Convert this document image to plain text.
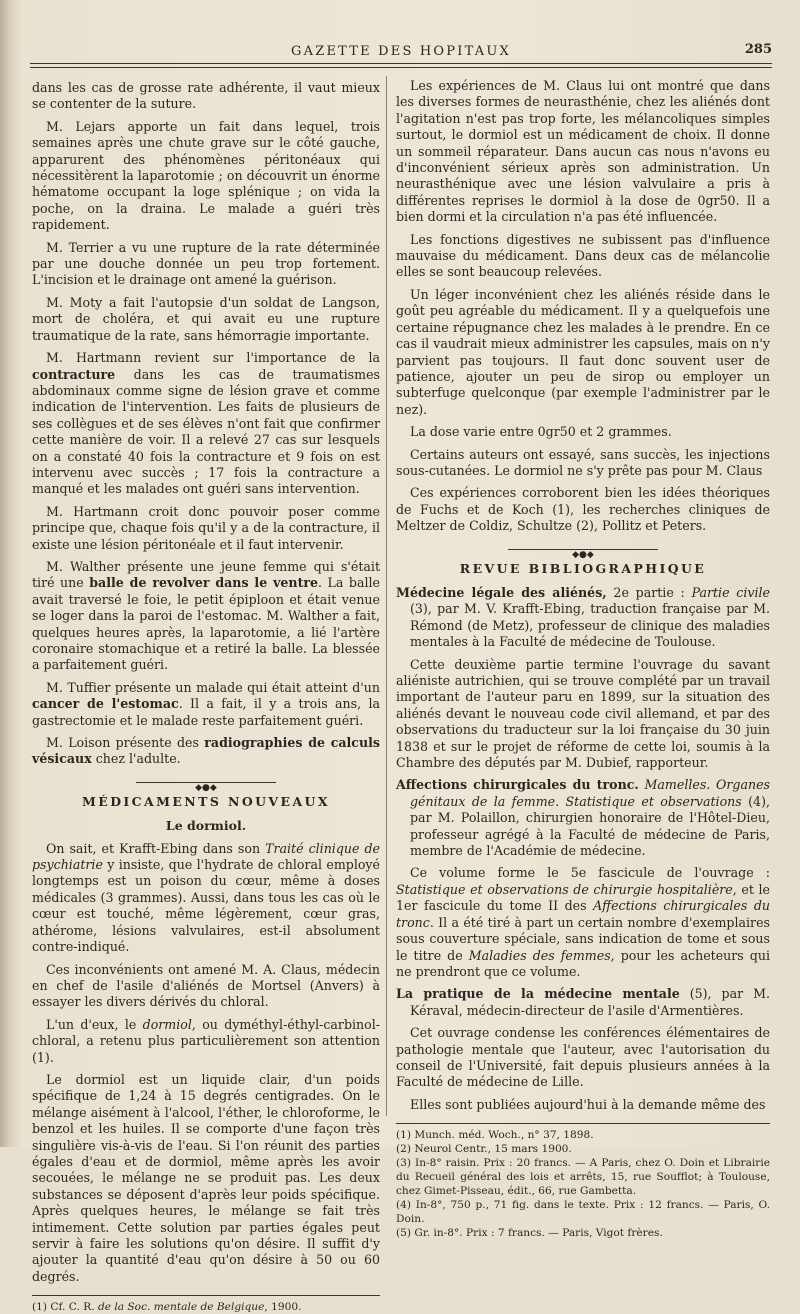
GAZETTE DES HOPITAUX	285

dans les cas de grosse rate adhérente, il vaut mieux se contenter de la suture.

M. Lejars apporte un fait dans lequel, trois semaines après une chute grave sur le côté gauche, apparurent des phénomènes péritonéaux qui nécessitèrent la laparotomie ; on découvrit un énorme hématome occupant la loge splénique ; on vida la poche, on la draina. Le malade a guéri très rapidement.

M. Terrier a vu une rupture de la rate déterminée par une douche donnée un peu trop fortement. L'incision et le drainage ont amené la guérison.

M. Moty a fait l'autopsie d'un soldat de Langson, mort de choléra, et qui avait eu une rupture traumatique de la rate, sans hémorragie importante.

M. Hartmann revient sur l'importance de la contracture dans les cas de traumatismes abdominaux comme signe de lésion grave et comme indication de l'intervention. Les faits de plusieurs de ses collègues et de ses élèves n'ont fait que confirmer cette manière de voir. Il a relevé 27 cas sur lesquels on a constaté 40 fois la contracture et 9 fois on est intervenu avec succès ; 17 fois la contracture a manqué et les malades ont guéri sans intervention.

M. Hartmann croit donc pouvoir poser comme principe que, chaque fois qu'il y a de la contracture, il existe une lésion péritonéale et il faut intervenir.

M. Walther présente une jeune femme qui s'était tiré une balle de revolver dans le ventre. La balle avait traversé le foie, le petit épiploon et était venue se loger dans la paroi de l'estomac. M. Walther a fait, quelques heures après, la laparotomie, a lié l'artère coronaire stomachique et a retiré la balle. La blessée a parfaitement guéri.

M. Tuffier présente un malade qui était atteint d'un cancer de l'estomac. Il a fait, il y a trois ans, la gastrectomie et le malade reste parfaitement guéri.

M. Loison présente des radiographies de calculs vésicaux chez l'adulte.

◆●◆
MÉDICAMENTS NOUVEAUX
Le dormiol.

On sait, et Krafft-Ebing dans son Traité clinique de psychiatrie y insiste, que l'hydrate de chloral employé longtemps est un poison du cœur, même à doses médicales (3 grammes). Aussi, dans tous les cas où le cœur est touché, même légèrement, cœur gras, athérome, lésions valvulaires, est-il absolument contre-indiqué.

Ces inconvénients ont amené M. A. Claus, médecin en chef de l'asile d'aliénés de Mortsel (Anvers) à essayer les divers dérivés du chloral.

L'un d'eux, le dormiol, ou dyméthyl-éthyl-carbinol-chloral, a retenu plus particulièrement son attention (1).

Le dormiol est un liquide clair, d'un poids spécifique de 1,24 à 15 degrés centigrades. On le mélange aisément à l'alcool, l'éther, le chloroforme, le benzol et les huiles. Il se comporte d'une façon très singulière vis-à-vis de l'eau. Si l'on réunit des parties égales d'eau et de dormiol, même après les avoir secouées, le mélange ne se produit pas. Les deux substances se déposent d'après leur poids spécifique. Après quelques heures, le mélange se fait très intimement. Cette solution par parties égales peut servir à faire les solutions qu'on désire. Il suffit d'y ajouter la quantité d'eau qu'on désire à 50 ou 60 degrés.

(1) Cf. C. R. de la Soc. mentale de Belgique, 1900.

Les expériences de M. Claus lui ont montré que dans les diverses formes de neurasthénie, chez les aliénés dont l'agitation n'est pas trop forte, les mélancoliques simples surtout, le dormiol est un médicament de choix. Il donne un sommeil réparateur. Dans aucun cas nous n'avons eu d'inconvénient sérieux après son administration. Un neurasthénique avec une lésion valvulaire a pris à différentes reprises le dormiol à la dose de 0gr50. Il a bien dormi et la circulation n'a pas été influencée.

Les fonctions digestives ne subissent pas d'influence mauvaise du médicament. Dans deux cas de mélancolie elles se sont beaucoup relevées.

Un léger inconvénient chez les aliénés réside dans le goût peu agréable du médicament. Il y a quelquefois une certaine répugnance chez les malades à le prendre. En ce cas il vaudrait mieux administrer les capsules, mais on n'y parvient pas toujours. Il faut donc souvent user de patience, ajouter un peu de sirop ou employer un subterfuge quelconque (par exemple l'administrer par le nez).

La dose varie entre 0gr50 et 2 grammes.

Certains auteurs ont essayé, sans succès, les injections sous-cutanées. Le dormiol ne s'y prête pas pour M. Claus

Ces expériences corroborent bien les idées théoriques de Fuchs et de Koch (1), les recherches cliniques de Meltzer de Coldiz, Schultze (2), Pollitz et Peters.

◆●◆
REVUE BIBLIOGRAPHIQUE

Médecine légale des aliénés, 2e partie : Partie civile (3), par M. V. Krafft-Ebing, traduction française par M. Rémond (de Metz), professeur de clinique des maladies mentales à la Faculté de médecine de Toulouse.

Cette deuxième partie termine l'ouvrage du savant aliéniste autrichien, qui se trouve complété par un travail important de l'auteur paru en 1899, sur la situation des aliénés devant le nouveau code civil allemand, et par des observations du traducteur sur la loi française du 30 juin 1838 et sur le projet de réforme de cette loi, soumis à la Chambre des députés par M. Dubief, rapporteur.

Affections chirurgicales du tronc. Mamelles. Organes génitaux de la femme. Statistique et observations (4), par M. Polaillon, chirurgien honoraire de l'Hôtel-Dieu, professeur agrégé à la Faculté de médecine de Paris, membre de l'Académie de médecine.

Ce volume forme le 5e fascicule de l'ouvrage : Statistique et observations de chirurgie hospitalière, et le 1er fascicule du tome II des Affections chirurgicales du tronc. Il a été tiré à part un certain nombre d'exemplaires sous couverture spéciale, sans indication de tome et sous le titre de Maladies des femmes, pour les acheteurs qui ne prendront que ce volume.

La pratique de la médecine mentale (5), par M. Kéraval, médecin-directeur de l'asile d'Armentières.

Cet ouvrage condense les conférences élémentaires de pathologie mentale que l'auteur, avec l'autorisation du conseil de l'Université, fait depuis plusieurs années à la Faculté de médecine de Lille.

Elles sont publiées aujourd'hui à la demande même des

(1) Munch. méd. Woch., n° 37, 1898.

(2) Neurol Centr., 15 mars 1900.

(3) In-8° raisin. Prix : 20 francs. — A Paris, chez O. Doin et Librairie du Recueil général des lois et arrêts, 15, rue Soufflot; à Toulouse, chez Gimet-Pisseau, édit., 66, rue Gambetta.

(4) In-8°, 750 p., 71 fig. dans le texte. Prix : 12 francs. — Paris, O. Doin.

(5) Gr. in-8°. Prix : 7 francs. — Paris, Vigot frères.
